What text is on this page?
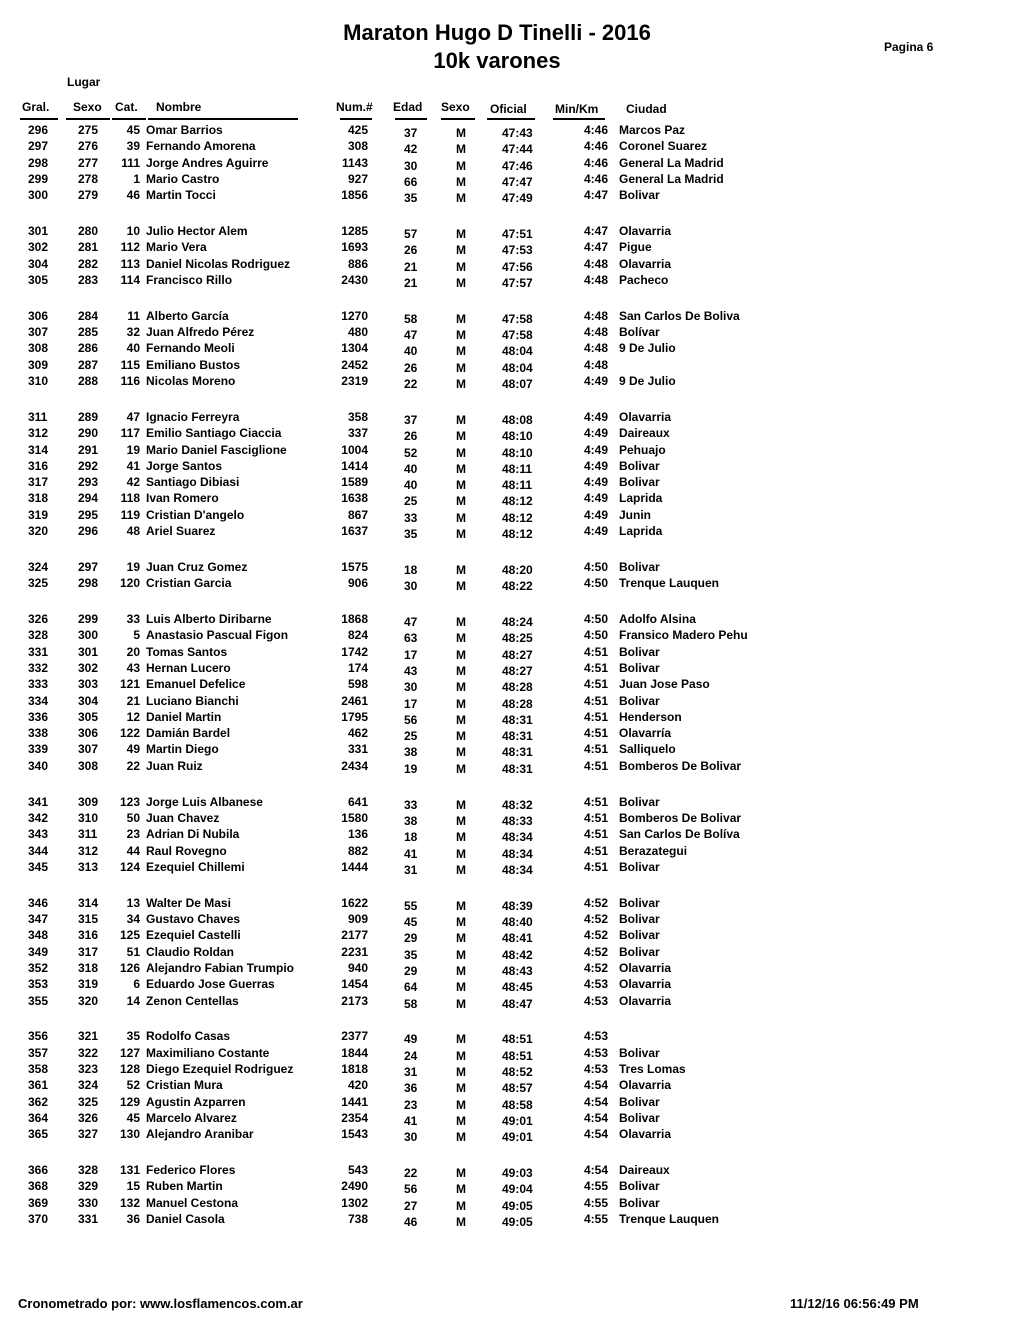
Maraton Hugo D Tinelli - 2016
10k varones
Pagina 6
Lugar
Gral. Sexo Cat. Nombre	Num.# Edad Sexo Oficial Min/Km Ciudad
296 275	45 Omar Barrios	425	37	M	47:43	4:46 Marcos Paz
297 276	39 Fernando Amorena	308	42	M	47:44	4:46 Coronel Suarez
298 277	111 Jorge Andres Aguirre	1143	30	M	47:46	4:46 General La Madrid
299 278	1 Mario Castro	927	66	M	47:47	4:46 General La Madrid
300 279	46 Martin Tocci	1856	35	M	47:49	4:47 Bolivar
301 280	10 Julio Hector Alem	1285	57	M	47:51	4:47 Olavarria
302 281	112 Mario Vera	1693	26	M	47:53	4:47 Pigue
304 282	113 Daniel Nicolas Rodriguez	886	21	M	47:56	4:48 Olavarria
305 283	114 Francisco Rillo	2430	21	M	47:57	4:48 Pacheco
306 284	11 Alberto García	1270	58	M	47:58	4:48 San Carlos De Boliva
307 285	32 Juan Alfredo Pérez	480	47	M	47:58	4:48 Bolívar
308 286	40 Fernando Meoli	1304	40	M	48:04	4:48 9 De Julio
309 287	115 Emiliano Bustos	2452	26	M	48:04	4:48
310 288	116 Nicolas Moreno	2319	22	M	48:07	4:49 9 De Julio
311	289	47 Ignacio Ferreyra	358	37	M	48:08	4:49 Olavarria
312 290	117 Emilio Santiago Ciaccia	337	26	M	48:10	4:49 Daireaux
314 291	19 Mario Daniel Fasciglione	1004	52	M	48:10	4:49 Pehuajo
316 292	41 Jorge Santos	1414	40	M	48:11	4:49 Bolivar
317 293	42 Santiago Dibiasi	1589	40	M	48:11	4:49 Bolivar
318 294	118 Ivan Romero	1638	25	M	48:12	4:49 Laprida
319 295	119 Cristian D'angelo	867	33	M	48:12	4:49 Junin
320 296	48 Ariel Suarez	1637	35	M	48:12	4:49 Laprida
324 297	19 Juan Cruz Gomez	1575	18	M	48:20	4:50 Bolivar
325 298	120 Cristian Garcia	906	30	M	48:22	4:50 Trenque Lauquen
326 299	33 Luis Alberto Diribarne	1868	47	M	48:24	4:50 Adolfo Alsina
328 300	5 Anastasio Pascual Figon	824	63	M	48:25	4:50 Fransico Madero Pehu
331 301	20 Tomas Santos	1742	17	M	48:27	4:51 Bolivar
332 302	43 Hernan Lucero	174	43	M	48:27	4:51 Bolivar
333 303	121 Emanuel Defelice	598	30	M	48:28	4:51 Juan Jose Paso
334 304	21 Luciano Bianchi	2461	17	M	48:28	4:51 Bolivar
336 305	12 Daniel Martin	1795	56	M	48:31	4:51 Henderson
338 306	122 Damián Bardel	462	25	M	48:31	4:51 Olavarría
339 307	49 Martin Diego	331	38	M	48:31	4:51 Salliquelo
340 308	22 Juan Ruiz	2434	19	M	48:31	4:51 Bomberos De Bolivar
341 309	123 Jorge Luis Albanese	641	33	M	48:32	4:51 Bolivar
342 310	50 Juan Chavez	1580	38	M	48:33	4:51 Bomberos De Bolivar
343 311	23 Adrian Di Nubila	136	18	M	48:34	4:51 San Carlos De Bolíva
344 312	44 Raul Rovegno	882	41	M	48:34	4:51 Berazategui
345 313	124 Ezequiel Chillemi	1444	31	M	48:34	4:51 Bolivar
346 314	13 Walter De Masi	1622	55	M	48:39	4:52 Bolivar
347 315	34 Gustavo Chaves	909	45	M	48:40	4:52 Bolivar
348 316	125 Ezequiel Castelli	2177	29	M	48:41	4:52 Bolivar
349 317	51 Claudio Roldan	2231	35	M	48:42	4:52 Bolivar
352 318	126 Alejandro Fabian Trumpio	940	29	M	48:43	4:52 Olavarria
353 319	6 Eduardo Jose Guerras	1454	64	M	48:45	4:53 Olavarria
355 320	14 Zenon Centellas	2173	58	M	48:47	4:53 Olavarria
356 321	35 Rodolfo Casas	2377	49	M	48:51	4:53
357 322	127 Maximiliano Costante	1844	24	M	48:51	4:53 Bolivar
358 323	128 Diego Ezequiel Rodriguez	1818	31	M	48:52	4:53 Tres Lomas
361 324	52 Cristian Mura	420	36	M	48:57	4:54 Olavarria
362 325	129 Agustin Azparren	1441	23	M	48:58	4:54 Bolivar
364 326	45 Marcelo Alvarez	2354	41	M	49:01	4:54 Bolivar
365 327	130 Alejandro Aranibar	1543	30	M	49:01	4:54 Olavarria
366 328	131 Federico Flores	543	22	M	49:03	4:54 Daireaux
368 329	15 Ruben Martin	2490	56	M	49:04	4:55 Bolivar
369 330	132 Manuel Cestona	1302	27	M	49:05	4:55 Bolivar
370 331	36 Daniel Casola	738	46	M	49:05	4:55 Trenque Lauquen
Cronometrado por: www.losflamencos.com.ar	11/12/16 06:56:49 PM
